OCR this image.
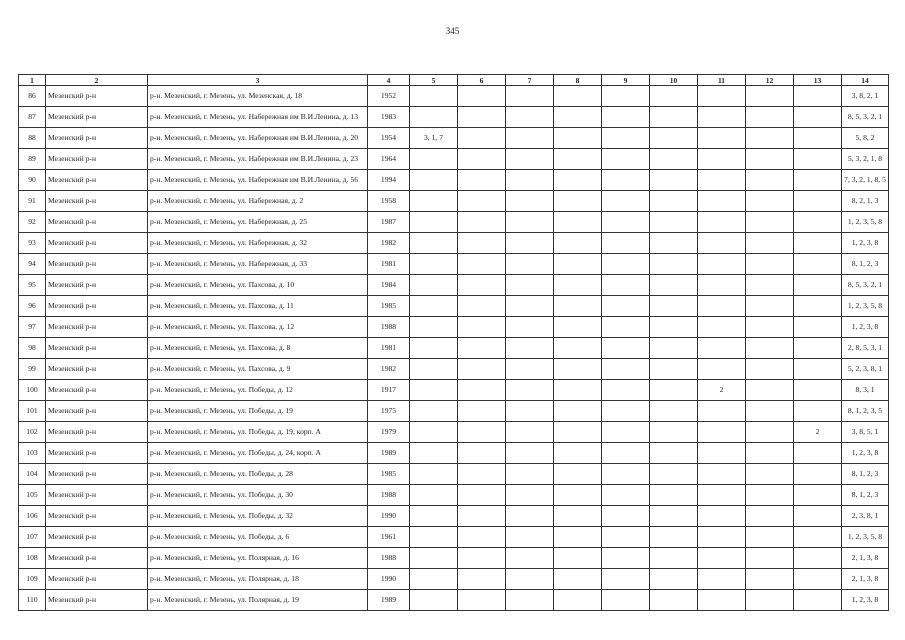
345
1	2	3	4	5	6	7	8	9	10	11	12	13	14
86	Мезенский р-н	р-н. Мезенский, г. Мезень, ул. Мезенская, д. 18	1952										3, 8, 2, 1
87	Мезенский р-н	р-н. Мезенский, г. Мезень, ул. Набережная им В.И.Ленина, д. 13	1983										8, 5, 3, 2, 1
88	Мезенский р-н	р-н. Мезенский, г. Мезень, ул. Набережная им В.И.Ленина, д. 20	1954	3, 1, 7									5, 8, 2
89	Мезенский р-н	р-н. Мезенский, г. Мезень, ул. Набережная им В.И.Ленина, д. 23	1964										5, 3, 2, 1, 8
90	Мезенский р-н	р-н. Мезенский, г. Мезень, ул. Набережная им В.И.Ленина, д. 56	1994										7, 3, 2, 1, 8, 5
91	Мезенский р-н	р-н. Мезенский, г. Мезень, ул. Набережная, д. 2	1958										8, 2, 1, 3
92	Мезенский р-н	р-н. Мезенский, г. Мезень, ул. Набережная, д. 25	1987										1, 2, 3, 5, 8
93	Мезенский р-н	р-н. Мезенский, г. Мезень, ул. Набережная, д. 32	1982										1, 2, 3, 8
94	Мезенский р-н	р-н. Мезенский, г. Мезень, ул. Набережная, д. 33	1981										8, 1, 2, 3
95	Мезенский р-н	р-н. Мезенский, г. Мезень, ул. Пахсова, д. 10	1984										8, 5, 3, 2, 1
96	Мезенский р-н	р-н. Мезенский, г. Мезень, ул. Пахсова, д. 11	1985										1, 2, 3, 5, 8
97	Мезенский р-н	р-н. Мезенский, г. Мезень, ул. Пахсова, д. 12	1988										1, 2, 3, 8
98	Мезенский р-н	р-н. Мезенский, г. Мезень, ул. Пахсова, д. 8	1981										2, 8, 5, 3, 1
99	Мезенский р-н	р-н. Мезенский, г. Мезень, ул. Пахсова, д. 9	1982										5, 2, 3, 8, 1
100	Мезенский р-н	р-н. Мезенский, г. Мезень, ул. Победы, д. 12	1917							2			8, 3, 1
101	Мезенский р-н	р-н. Мезенский, г. Мезень, ул. Победы, д. 19	1975										8, 1, 2, 3, 5
102	Мезенский р-н	р-н. Мезенский, г. Мезень, ул. Победы, д. 19, корп. А	1979									2	3, 8, 5, 1
103	Мезенский р-н	р-н. Мезенский, г. Мезень, ул. Победы, д. 24, корп. А	1989										1, 2, 3, 8
104	Мезенский р-н	р-н. Мезенский, г. Мезень, ул. Победы, д. 28	1985										8, 1, 2, 3
105	Мезенский р-н	р-н. Мезенский, г. Мезень, ул. Победы, д. 30	1988										8, 1, 2, 3
106	Мезенский р-н	р-н. Мезенский, г. Мезень, ул. Победы, д. 32	1990										2, 3, 8, 1
107	Мезенский р-н	р-н. Мезенский, г. Мезень, ул. Победы, д. 6	1961										1, 2, 3, 5, 8
108	Мезенский р-н	р-н. Мезенский, г. Мезень, ул. Полярная, д. 16	1988										2, 1, 3, 8
109	Мезенский р-н	р-н. Мезенский, г. Мезень, ул. Полярная, д. 18	1990										2, 1, 3, 8
110	Мезенский р-н	р-н. Мезенский, г. Мезень, ул. Полярная, д. 19	1989										1, 2, 3, 8
